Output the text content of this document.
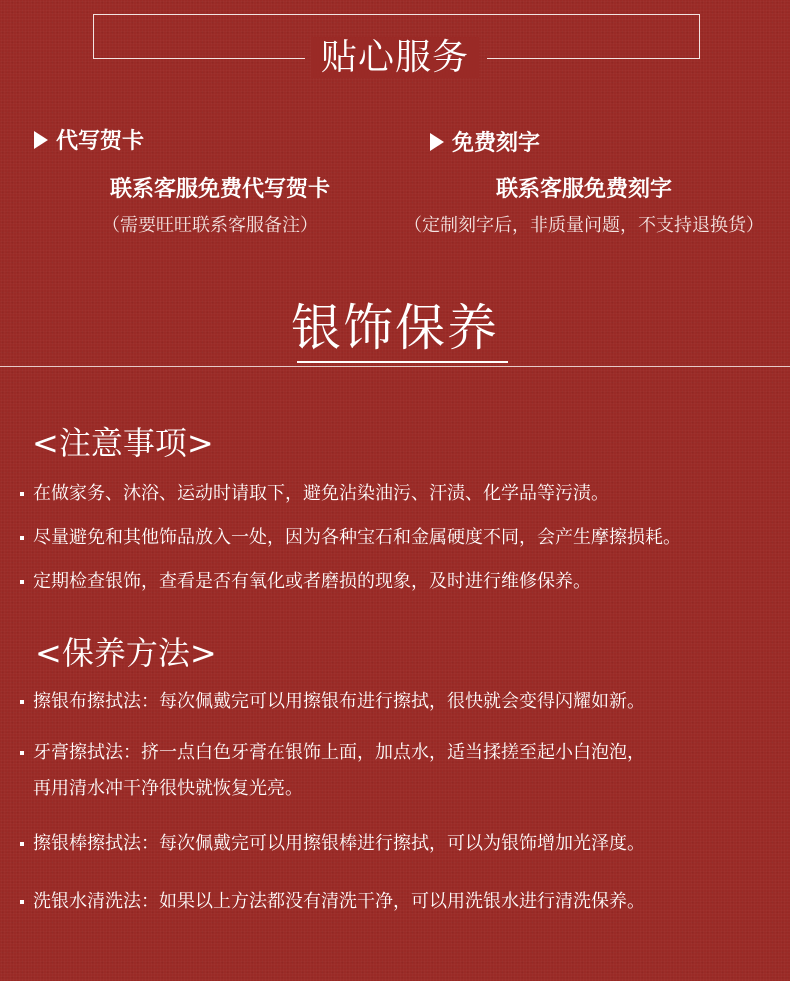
贴心服务
代写贺卡
联系客服免费代写贺卡
（需要旺旺联系客服备注）
免费刻字
联系客服免费刻字
（定制刻字后，非质量问题，不支持退换货）
银饰保养
<注意事项>
在做家务、沐浴、运动时请取下，避免沾染油污、汗渍、化学品等污渍。
尽量避免和其他饰品放入一处，因为各种宝石和金属硬度不同，会产生摩擦损耗。
定期检查银饰，查看是否有氧化或者磨损的现象，及时进行维修保养。
<保养方法>
擦银布擦拭法：每次佩戴完可以用擦银布进行擦拭，很快就会变得闪耀如新。
牙膏擦拭法：挤一点白色牙膏在银饰上面，加点水，适当揉搓至起小白泡泡，
再用清水冲干净很快就恢复光亮。
擦银棒擦拭法：每次佩戴完可以用擦银棒进行擦拭，可以为银饰增加光泽度。
洗银水清洗法：如果以上方法都没有清洗干净，可以用洗银水进行清洗保养。
